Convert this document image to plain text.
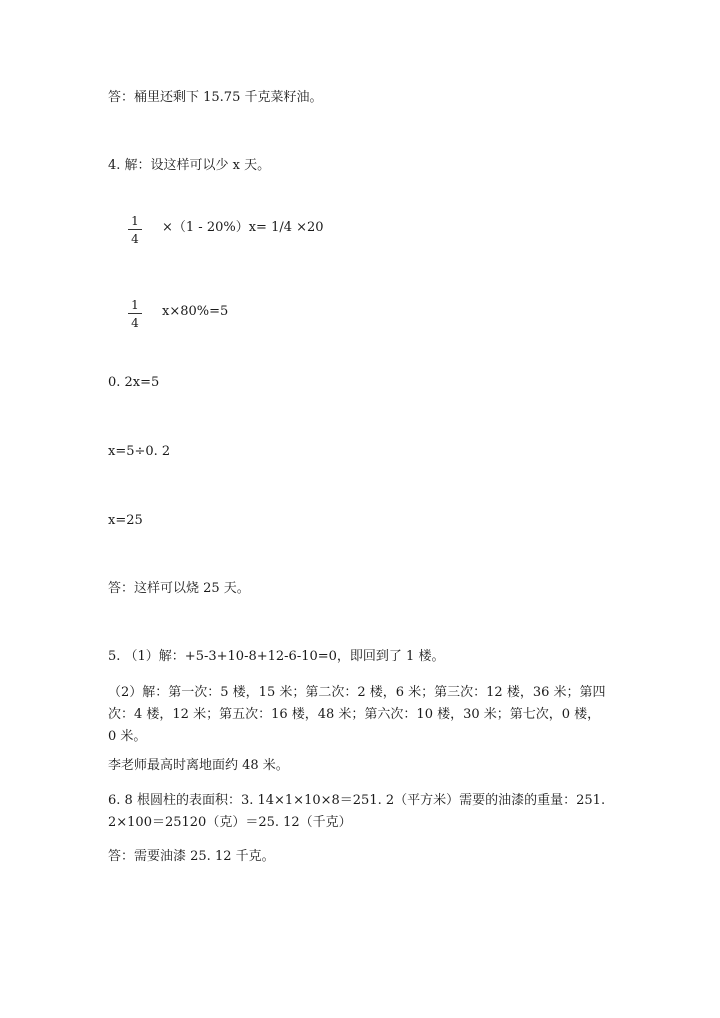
答：桶里还剩下 15.75 千克菜籽油。
4. 解：设这样可以少 x 天。
1
4
×（1 - 20%）x= 1/4 ×20
1
4
x×80%=5
0. 2x=5
x=5÷0. 2
x=25
答：这样可以烧 25 天。
5. （1）解：+5-3+10-8+12-6-10=0，即回到了 1 楼。
（2）解：第一次：5 楼，15 米；第二次：2 楼，6 米；第三次：12 楼，36 米；第四次：4 楼，12 米；第五次：16 楼，48 米；第六次：10 楼，30 米；第七次，0 楼，0 米。
李老师最高时离地面约 48 米。
6. 8 根圆柱的表面积：3. 14×1×10×8＝251. 2（平方米）需要的油漆的重量：251. 2×100＝25120（克）＝25. 12（千克）
答：需要油漆 25. 12 千克。
